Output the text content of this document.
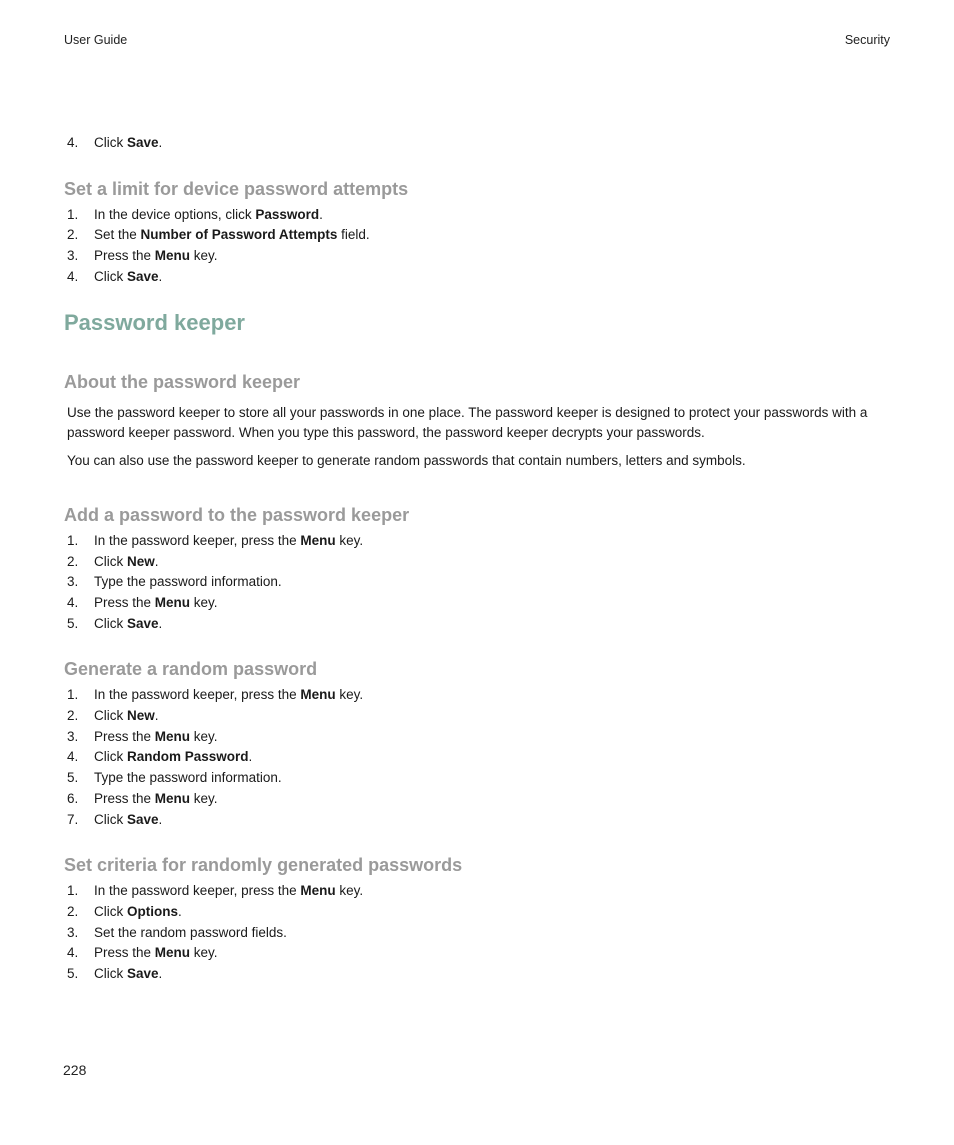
User Guide	Security
4. Click Save.
Set a limit for device password attempts
1. In the device options, click Password.
2. Set the Number of Password Attempts field.
3. Press the Menu key.
4. Click Save.
Password keeper
About the password keeper

Use the password keeper to store all your passwords in one place. The password keeper is designed to protect your passwords with a password keeper password. When you type this password, the password keeper decrypts your passwords.

You can also use the password keeper to generate random passwords that contain numbers, letters and symbols.

Add a password to the password keeper
1. In the password keeper, press the Menu key.
2. Click New.
3. Type the password information.
4. Press the Menu key.
5. Click Save.
Generate a random password
1. In the password keeper, press the Menu key.
2. Click New.
3. Press the Menu key.
4. Click Random Password.
5. Type the password information.
6. Press the Menu key.
7. Click Save.
Set criteria for randomly generated passwords
1. In the password keeper, press the Menu key.
2. Click Options.
3. Set the random password fields.
4. Press the Menu key.
5. Click Save.
228
